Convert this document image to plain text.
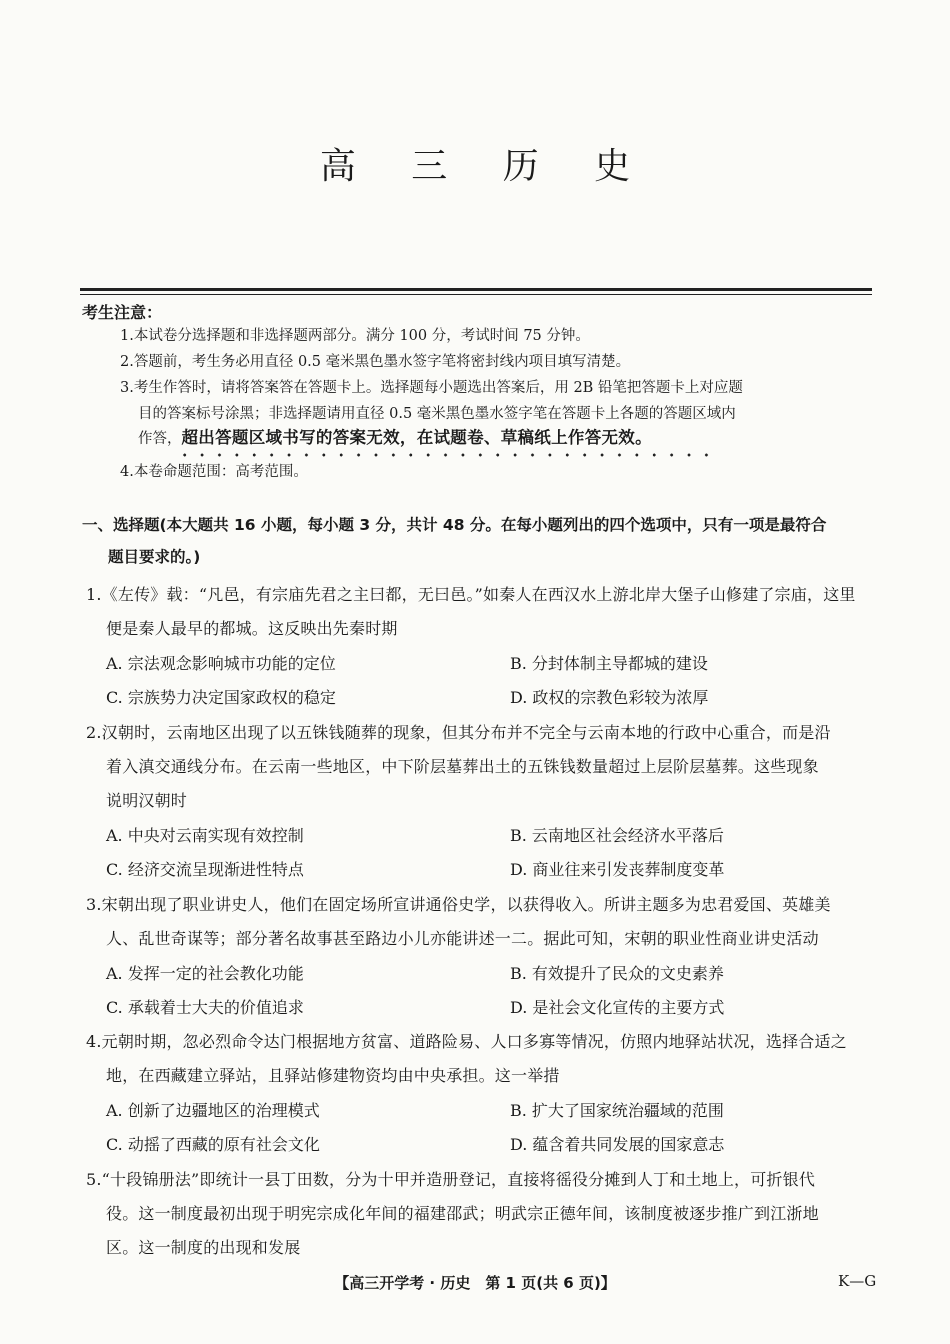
高 三 历 史
考生注意：
1.本试卷分选择题和非选择题两部分。满分 100 分，考试时间 75 分钟。
2.答题前，考生务必用直径 0.5 毫米黑色墨水签字笔将密封线内项目填写清楚。
3.考生作答时，请将答案答在答题卡上。选择题每小题选出答案后，用 2B 铅笔把答题卡上对应题
目的答案标号涂黑；非选择题请用直径 0.5 毫米黑色墨水签字笔在答题卡上各题的答题区域内
作答，超出答题区域书写的答案无效，在试题卷、草稿纸上作答无效。
4.本卷命题范围：高考范围。
一、选择题(本大题共 16 小题，每小题 3 分，共计 48 分。在每小题列出的四个选项中，只有一项是最符合
题目要求的。)
1.《左传》载：“凡邑，有宗庙先君之主曰都，无曰邑。”如秦人在西汉水上游北岸大堡子山修建了宗庙，这里
便是秦人最早的都城。这反映出先秦时期
A. 宗法观念影响城市功能的定位	B. 分封体制主导都城的建设
C. 宗族势力决定国家政权的稳定	D. 政权的宗教色彩较为浓厚
2.汉朝时，云南地区出现了以五铢钱随葬的现象，但其分布并不完全与云南本地的行政中心重合，而是沿
着入滇交通线分布。在云南一些地区，中下阶层墓葬出土的五铢钱数量超过上层阶层墓葬。这些现象
说明汉朝时
A. 中央对云南实现有效控制	B. 云南地区社会经济水平落后
C. 经济交流呈现渐进性特点	D. 商业往来引发丧葬制度变革
3.宋朝出现了职业讲史人，他们在固定场所宣讲通俗史学，以获得收入。所讲主题多为忠君爱国、英雄美
人、乱世奇谋等；部分著名故事甚至路边小儿亦能讲述一二。据此可知，宋朝的职业性商业讲史活动
A. 发挥一定的社会教化功能	B. 有效提升了民众的文史素养
C. 承载着士大夫的价值追求	D. 是社会文化宣传的主要方式
4.元朝时期，忽必烈命令达门根据地方贫富、道路险易、人口多寡等情况，仿照内地驿站状况，选择合适之
地，在西藏建立驿站，且驿站修建物资均由中央承担。这一举措
A. 创新了边疆地区的治理模式	B. 扩大了国家统治疆域的范围
C. 动摇了西藏的原有社会文化	D. 蕴含着共同发展的国家意志
5.“十段锦册法”即统计一县丁田数，分为十甲并造册登记，直接将徭役分摊到人丁和土地上，可折银代
役。这一制度最初出现于明宪宗成化年间的福建邵武；明武宗正德年间，该制度被逐步推广到江浙地
区。这一制度的出现和发展
【高三开学考 · 历史　第 1 页(共 6 页)】	K—G
